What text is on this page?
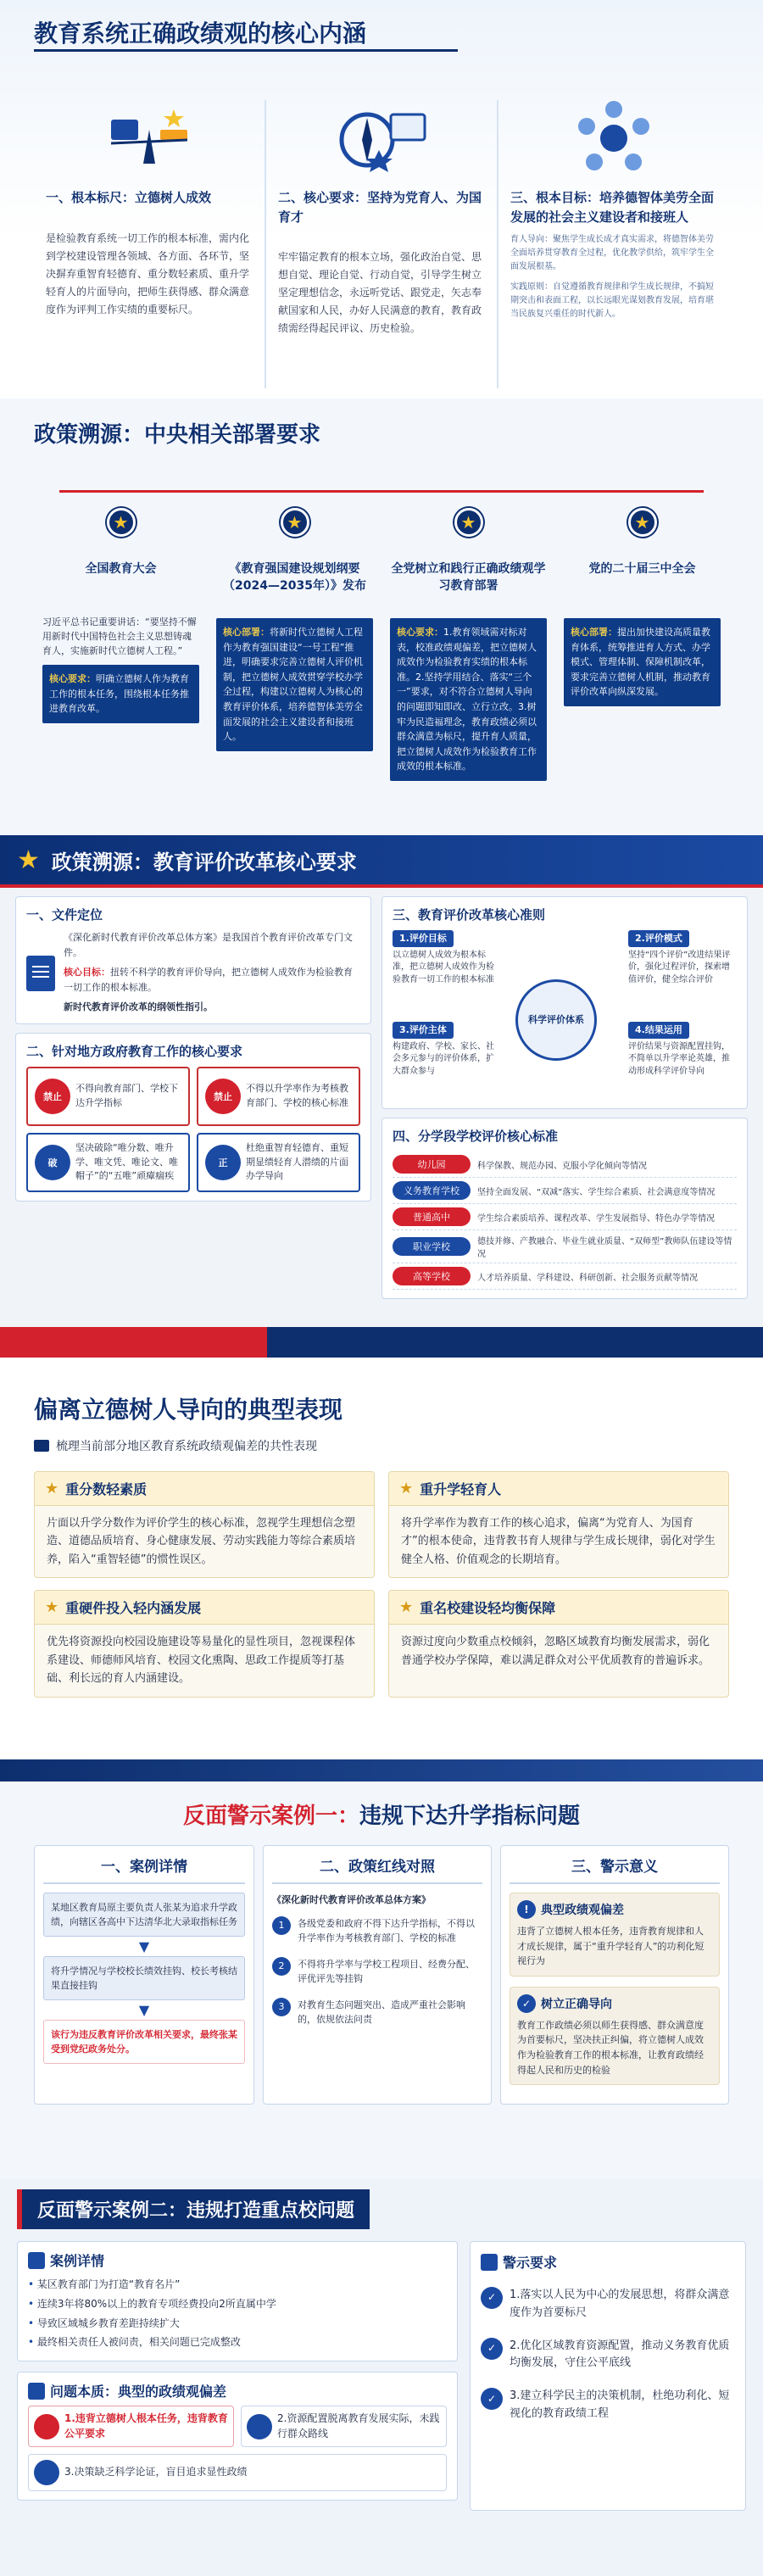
教育系统正确政绩观的核心内涵
一、根本标尺：立德树人成效
是检验教育系统一切工作的根本标准，需内化到学校建设管理各领域、各方面、各环节，坚决摒弃重智育轻德育、重分数轻素质、重升学轻育人的片面导向，把师生获得感、群众满意度作为评判工作实绩的重要标尺。
二、核心要求：坚持为党育人、为国育才
牢牢锚定教育的根本立场，强化政治自觉、思想自觉、理论自觉、行动自觉，引导学生树立坚定理想信念，永远听党话、跟党走，矢志奉献国家和人民，办好人民满意的教育，教育政绩需经得起民评议、历史检验。
三、根本目标：培养德智体美劳全面发展的社会主义建设者和接班人
育人导向：聚焦学生成长成才真实需求，将德智体美劳全面培养贯穿教育全过程，优化教学供给，筑牢学生全面发展根基。
实践原则：自觉遵循教育规律和学生成长规律，不搞短期突击和表面工程，以长远眼光谋划教育发展，培育堪当民族复兴重任的时代新人。
政策溯源：中央相关部署要求
★
全国教育大会
习近平总书记重要讲话：“要坚持不懈用新时代中国特色社会主义思想铸魂育人，实施新时代立德树人工程。”
核心要求：明确立德树人作为教育工作的根本任务，围绕根本任务推进教育改革。
★
《教育强国建设规划纲要（2024—2035年）》发布
核心部署：将新时代立德树人工程作为教育强国建设“一号工程”推进，明确要求完善立德树人评价机制，把立德树人成效贯穿学校办学全过程，构建以立德树人为核心的教育评价体系，培养德智体美劳全面发展的社会主义建设者和接班人。
★
全党树立和践行正确政绩观学习教育部署
核心要求：1.教育领域需对标对表，校准政绩观偏差，把立德树人成效作为检验教育实绩的根本标准。2.坚持学用结合、落实“三个一”要求，对不符合立德树人导向的问题即知即改、立行立改。3.树牢为民造福理念，教育政绩必须以群众满意为标尺，提升育人质量，把立德树人成效作为检验教育工作成效的根本标准。
★
党的二十届三中全会
核心部署：提出加快建设高质量教育体系，统筹推进育人方式、办学模式、管理体制、保障机制改革，要求完善立德树人机制，推动教育评价改革向纵深发展。
★ 政策溯源：教育评价改革核心要求
一、文件定位
《深化新时代教育评价改革总体方案》是我国首个教育评价改革专门文件。
核心目标：扭转不科学的教育评价导向，把立德树人成效作为检验教育一切工作的根本标准。
新时代教育评价改革的纲领性指引。
二、针对地方政府教育工作的核心要求
禁止
不得向教育部门、学校下达升学指标
禁止
不得以升学率作为考核教育部门、学校的核心标准
破
坚决破除“唯分数、唯升学、唯文凭、唯论文、唯帽子”的“五唯”顽瘴痼疾
正
杜绝重智育轻德育、重短期显绩轻育人潜绩的片面办学导向
三、教育评价改革核心准则
1.评价目标
以立德树人成效为根本标准，把立德树人成效作为检验教育一切工作的根本标准
2.评价模式
坚持“四个评价”改进结果评价，强化过程评价，探索增值评价，健全综合评价
3.评价主体
构建政府、学校、家长、社会多元参与的评价体系，扩大群众参与
4.结果运用
评价结果与资源配置挂钩，不简单以升学率论英雄，推动形成科学评价导向
科学评价体系
四、分学段学校评价核心标准
幼儿园	科学保教、规范办园、克服小学化倾向等情况
义务教育学校	坚持全面发展、“双减”落实、学生综合素质、社会满意度等情况
普通高中	学生综合素质培养、课程改革、学生发展指导、特色办学等情况
职业学校	德技并修、产教融合、毕业生就业质量、“双师型”教师队伍建设等情况
高等学校	人才培养质量、学科建设、科研创新、社会服务贡献等情况
偏离立德树人导向的典型表现
梳理当前部分地区教育系统政绩观偏差的共性表现
★ 重分数轻素质
片面以升学分数作为评价学生的核心标准，忽视学生理想信念塑造、道德品质培育、身心健康发展、劳动实践能力等综合素质培养，陷入“重智轻德”的惯性误区。
★ 重升学轻育人
将升学率作为教育工作的核心追求，偏离“为党育人、为国育才”的根本使命，违背教书育人规律与学生成长规律，弱化对学生健全人格、价值观念的长期培育。
★ 重硬件投入轻内涵发展
优先将资源投向校园设施建设等易量化的显性项目，忽视课程体系建设、师德师风培育、校园文化熏陶、思政工作提质等打基础、利长远的育人内涵建设。
★ 重名校建设轻均衡保障
资源过度向少数重点校倾斜，忽略区域教育均衡发展需求，弱化普通学校办学保障，难以满足群众对公平优质教育的普遍诉求。
反面警示案例一：违规下达升学指标问题
一、案例详情
某地区教育局原主要负责人张某为追求升学政绩，向辖区各高中下达清华北大录取指标任务
▼
将升学情况与学校校长绩效挂钩、校长考核结果直接挂钩
▼
该行为违反教育评价改革相关要求，最终张某受到党纪政务处分。
二、政策红线对照
《深化新时代教育评价改革总体方案》
1	各级党委和政府不得下达升学指标，不得以升学率作为考核教育部门、学校的标准
2	不得将升学率与学校工程项目、经费分配、评优评先等挂钩
3	对教育生态问题突出、造成严重社会影响的，依规依法问责
三、警示意义
!	典型政绩观偏差
违背了立德树人根本任务，违背教育规律和人才成长规律，属于“重升学轻育人”的功利化短视行为
✓ 树立正确导向
教育工作政绩必须以师生获得感、群众满意度为首要标尺，坚决扶正纠偏，将立德树人成效作为检验教育工作的根本标准，让教育政绩经得起人民和历史的检验
反面警示案例二：违规打造重点校问题
案例详情
• 某区教育部门为打造“教育名片”
• 连续3年将80%以上的教育专项经费投向2所直属中学
• 导致区域城乡教育差距持续扩大
• 最终相关责任人被问责，相关问题已完成整改
问题本质：典型的政绩观偏差
1.违背立德树人根本任务，违背教育公平要求
2.资源配置脱离教育发展实际，未践行群众路线
3.决策缺乏科学论证，盲目追求显性政绩
警示要求
✓	1.落实以人民为中心的发展思想，将群众满意度作为首要标尺
✓	2.优化区域教育资源配置，推动义务教育优质均衡发展，守住公平底线
✓	3.建立科学民主的决策机制，杜绝功利化、短视化的教育政绩工程
